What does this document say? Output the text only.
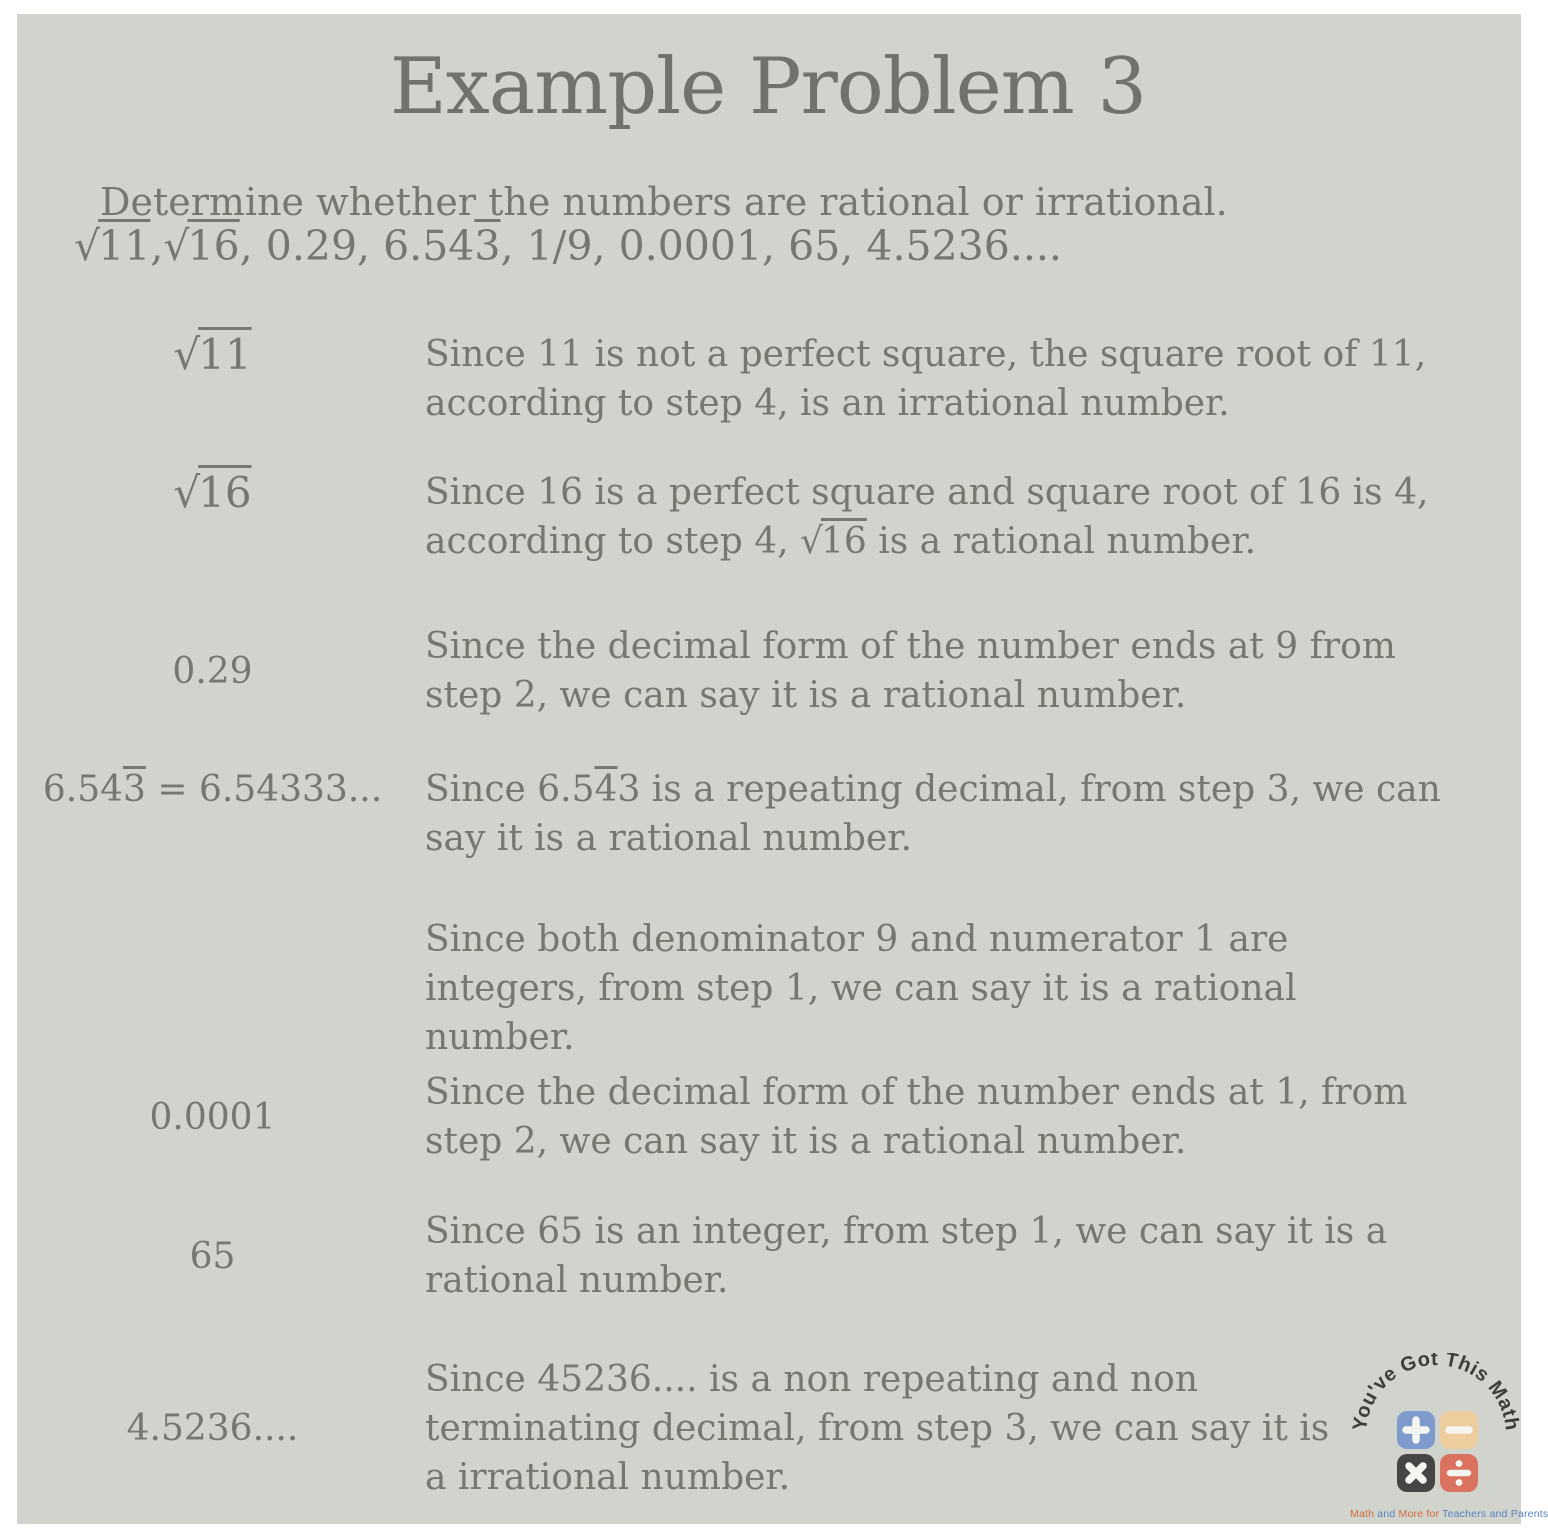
Example Problem 3
Determine whether the numbers are rational or irrational.
√11,√16, 0.29, 6.543, 1/9, 0.0001, 65, 4.5236....
√11	Since 11 is not a perfect square, the square root of 11,
according to step 4, is an irrational number.
√16	Since 16 is a perfect square and square root of 16 is 4,
according to step 4, √16 is a rational number.
0.29
Since the decimal form of the number ends at 9 from
step 2, we can say it is a rational number.
6.543 = 6.54333... Since 6.543 is a repeating decimal, from step 3, we can
say it is a rational number.
Since both denominator 9 and numerator 1 are
integers, from step 1, we can say it is a rational number.
0.0001
Since the decimal form of the number ends at 1, from
step 2, we can say it is a rational number.
65
Since 65 is an integer, from step 1, we can say it is a
rational number.
4.5236....
Since 45236.... is a non repeating and non
terminating decimal, from step 3, we can say it is
a irrational number.
You've Got This Math
Math and More for Teachers and Parents
